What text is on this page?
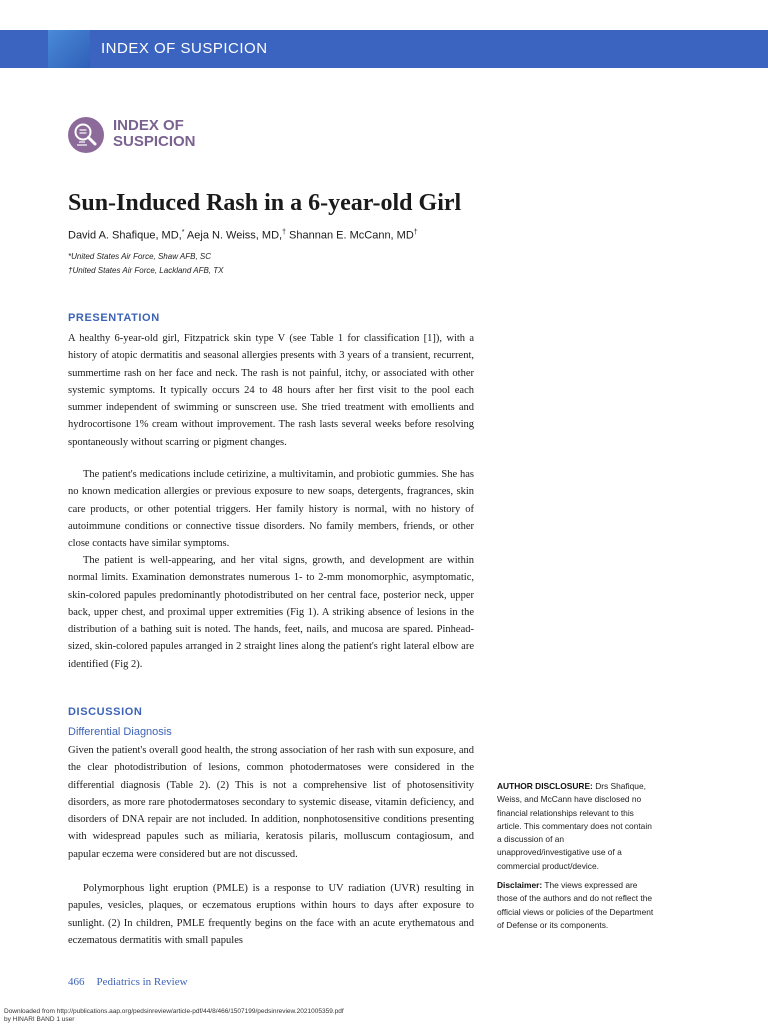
INDEX OF SUSPICION
INDEX OF
SUSPICION
Sun-Induced Rash in a 6-year-old Girl
David A. Shafique, MD,* Aeja N. Weiss, MD,† Shannan E. McCann, MD†
*United States Air Force, Shaw AFB, SC
†United States Air Force, Lackland AFB, TX
PRESENTATION

A healthy 6-year-old girl, Fitzpatrick skin type V (see Table 1 for classification [1]), with a history of atopic dermatitis and seasonal allergies presents with 3 years of a transient, recurrent, summertime rash on her face and neck. The rash is not painful, itchy, or associated with other systemic symptoms. It typically occurs 24 to 48 hours after her first visit to the pool each summer independent of swimming or sunscreen use. She tried treatment with emollients and hydrocortisone 1% cream without improvement. The rash lasts several weeks before resolving spontaneously without scarring or pigment changes.

The patient's medications include cetirizine, a multivitamin, and probiotic gummies. She has no known medication allergies or previous exposure to new soaps, detergents, fragrances, skin care products, or other potential triggers. Her family history is normal, with no history of autoimmune conditions or connective tissue disorders. No family members, friends, or other close contacts have similar symptoms.

The patient is well-appearing, and her vital signs, growth, and development are within normal limits. Examination demonstrates numerous 1- to 2-mm monomorphic, asymptomatic, skin-colored papules predominantly photodistributed on her central face, posterior neck, upper back, upper chest, and proximal upper extremities (Fig 1). A striking absence of lesions in the distribution of a bathing suit is noted. The hands, feet, nails, and mucosa are spared. Pinhead-sized, skin-colored papules arranged in 2 straight lines along the patient's right lateral elbow are identified (Fig 2).

DISCUSSION
Differential Diagnosis

Given the patient's overall good health, the strong association of her rash with sun exposure, and the clear photodistribution of lesions, common photodermatoses were considered in the differential diagnosis (Table 2). (2) This is not a comprehensive list of photosensitivity disorders, as more rare photodermatoses secondary to systemic disease, vitamin deficiency, and disorders of DNA repair are not included. In addition, nonphotosensitive conditions presenting with widespread papules such as miliaria, keratosis pilaris, molluscum contagiosum, and papular eczema were considered but are not discussed.

Polymorphous light eruption (PMLE) is a response to UV radiation (UVR) resulting in papules, vesicles, plaques, or eczematous eruptions within hours to days after exposure to sunlight. (2) In children, PMLE frequently begins on the face with an acute erythematous and eczematous dermatitis with small papules

AUTHOR DISCLOSURE: Drs Shafique, Weiss, and McCann have disclosed no financial relationships relevant to this article. This commentary does not contain a discussion of an unapproved/investigative use of a commercial product/device.
Disclaimer: The views expressed are those of the authors and do not reflect the official views or policies of the Department of Defense or its components.
466 Pediatrics in Review
Downloaded from http://publications.aap.org/pedsinreview/article-pdf/44/8/466/1507199/pedsinreview.2021005359.pdf
by HINARI BAND 1 user
